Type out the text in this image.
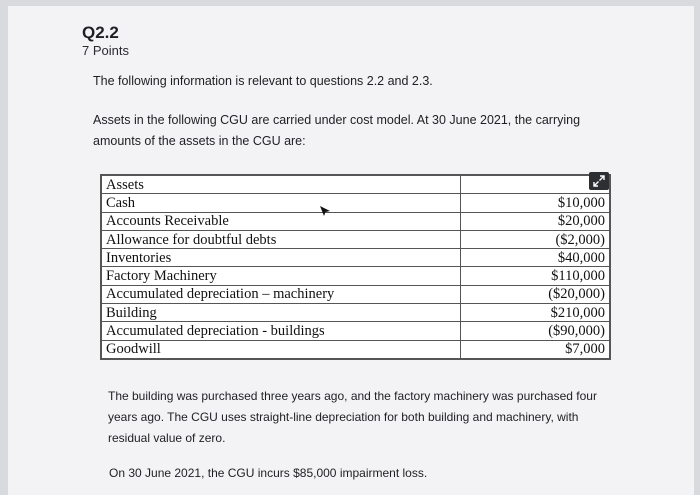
Q2.2
7 Points

The following information is relevant to questions 2.2 and 2.3.

Assets in the following CGU are carried under cost model. At 30 June 2021, the carrying amounts of the assets in the CGU are:

Assets	
Cash	$10,000
Accounts Receivable	$20,000
Allowance for doubtful debts	($2,000)
Inventories	$40,000
Factory Machinery	$110,000
Accumulated depreciation – machinery	($20,000)
Building	$210,000
Accumulated depreciation - buildings	($90,000)
Goodwill	$7,000

The building was purchased three years ago, and the factory machinery was purchased four years ago. The CGU uses straight-line depreciation for both building and machinery, with residual value of zero.

On 30 June 2021, the CGU incurs $85,000 impairment loss.
